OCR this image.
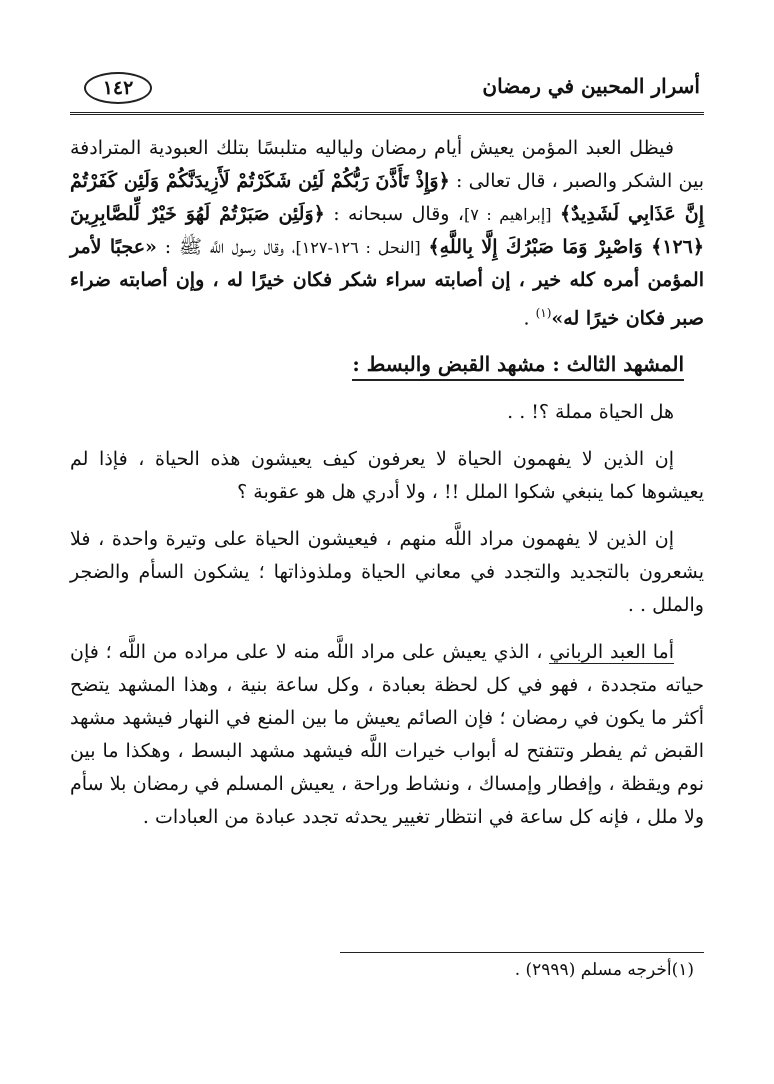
١٤٢	أسرار المحبين في رمضان

فيظل العبد المؤمن يعيش أيام رمضان ولياليه متلبسًا بتلك العبودية المترادفة بين الشكر والصبر ، قال تعالى : ﴿وَإِذْ تَأَذَّنَ رَبُّكُمْ لَئِن شَكَرْتُمْ لَأَزِيدَنَّكُمْ وَلَئِن كَفَرْتُمْ إِنَّ عَذَابِي لَشَدِيدٌ﴾ [إبراهيم : ٧]، وقال سبحانه : ﴿وَلَئِن صَبَرْتُمْ لَهُوَ خَيْرٌ لِّلصَّابِرِينَ ﴿١٢٦﴾ وَاصْبِرْ وَمَا صَبْرُكَ إِلَّا بِاللَّهِ﴾ [النحل : ١٢٦-١٢٧]، وقال رسول اللَّه ﷺ : «عجبًا لأمر المؤمن أمره كله خير ، إن أصابته سراء شكر فكان خيرًا له ، وإن أصابته ضراء صبر فكان خيرًا له»$^{(١)}$ .

المشهد الثالث : مشهد القبض والبسط :

هل الحياة مملة ؟! . .

إن الذين لا يفهمون الحياة لا يعرفون كيف يعيشون هذه الحياة ، فإذا لم يعيشوها كما ينبغي شكوا الملل !! ، ولا أدري هل هو عقوبة ؟

إن الذين لا يفهمون مراد اللَّه منهم ، فيعيشون الحياة على وتيرة واحدة ، فلا يشعرون بالتجديد والتجدد في معاني الحياة وملذوذاتها ؛ يشكون السأم والضجر والملل . .

أما العبد الرباني ، الذي يعيش على مراد اللَّه منه لا على مراده من اللَّه ؛ فإن حياته متجددة ، فهو في كل لحظة بعبادة ، وكل ساعة بنية ، وهذا المشهد يتضح أكثر ما يكون في رمضان ؛ فإن الصائم يعيش ما بين المنع في النهار فيشهد مشهد القبض ثم يفطر وتتفتح له أبواب خيرات اللَّه فيشهد مشهد البسط ، وهكذا ما بين نوم ويقظة ، وإفطار وإمساك ، ونشاط وراحة ، يعيش المسلم في رمضان بلا سأم ولا ملل ، فإنه كل ساعة في انتظار تغيير يحدثه تجدد عبادة من العبادات .

(١)أخرجه مسلم (٢٩٩٩) .
